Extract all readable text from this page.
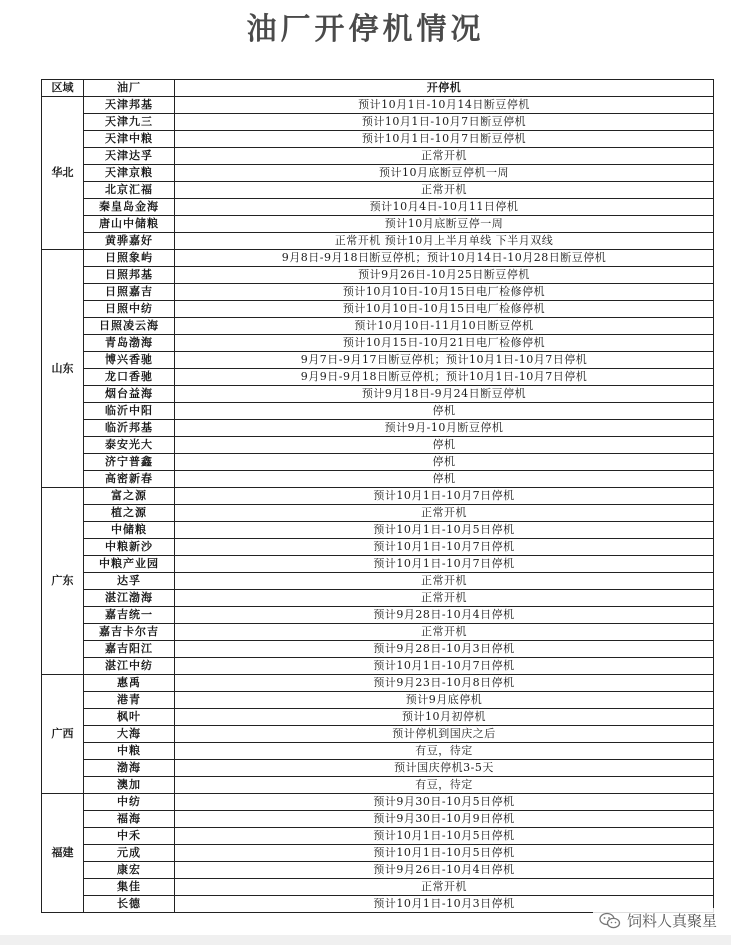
油厂开停机情况
区域	油厂	开停机
华北	天津邦基	预计10月1日-10月14日断豆停机
	天津九三	预计10月1日-10月7日断豆停机
	天津中粮	预计10月1日-10月7日断豆停机
	天津达孚	正常开机
	天津京粮	预计10月底断豆停机一周
	北京汇福	正常开机
	秦皇岛金海	预计10月4日-10月11日停机
	唐山中储粮	预计10月底断豆停一周
	黄骅嘉好	正常开机 预计10月上半月单线 下半月双线
山东	日照象屿	9月8日-9月18日断豆停机；预计10月14日-10月28日断豆停机
	日照邦基	预计9月26日-10月25日断豆停机
	日照嘉吉	预计10月10日-10月15日电厂检修停机
	日照中纺	预计10月10日-10月15日电厂检修停机
	日照凌云海	预计10月10日-11月10日断豆停机
	青岛渤海	预计10月15日-10月21日电厂检修停机
	博兴香驰	9月7日-9月17日断豆停机；预计10月1日-10月7日停机
	龙口香驰	9月9日-9月18日断豆停机；预计10月1日-10月7日停机
	烟台益海	预计9月18日-9月24日断豆停机
	临沂中阳	停机
	临沂邦基	预计9月-10月断豆停机
	泰安光大	停机
	济宁普鑫	停机
	高密新春	停机
广东	富之源	预计10月1日-10月7日停机
	植之源	正常开机
	中储粮	预计10月1日-10月5日停机
	中粮新沙	预计10月1日-10月7日停机
	中粮产业园	预计10月1日-10月7日停机
	达孚	正常开机
	湛江渤海	正常开机
	嘉吉统一	预计9月28日-10月4日停机
	嘉吉卡尔吉	正常开机
	嘉吉阳江	预计9月28日-10月3日停机
	湛江中纺	预计10月1日-10月7日停机
广西	惠禹	预计9月23日-10月8日停机
	港青	预计9月底停机
	枫叶	预计10月初停机
	大海	预计停机到国庆之后
	中粮	有豆，待定
	渤海	预计国庆停机3-5天
	澳加	有豆，待定
福建	中纺	预计9月30日-10月5日停机
	福海	预计9月30日-10月9日停机
	中禾	预计10月1日-10月5日停机
	元成	预计10月1日-10月5日停机
	康宏	预计9月26日-10月4日停机
	集佳	正常开机
	长德	预计10月1日-10月3日停机
饲料人真聚星
